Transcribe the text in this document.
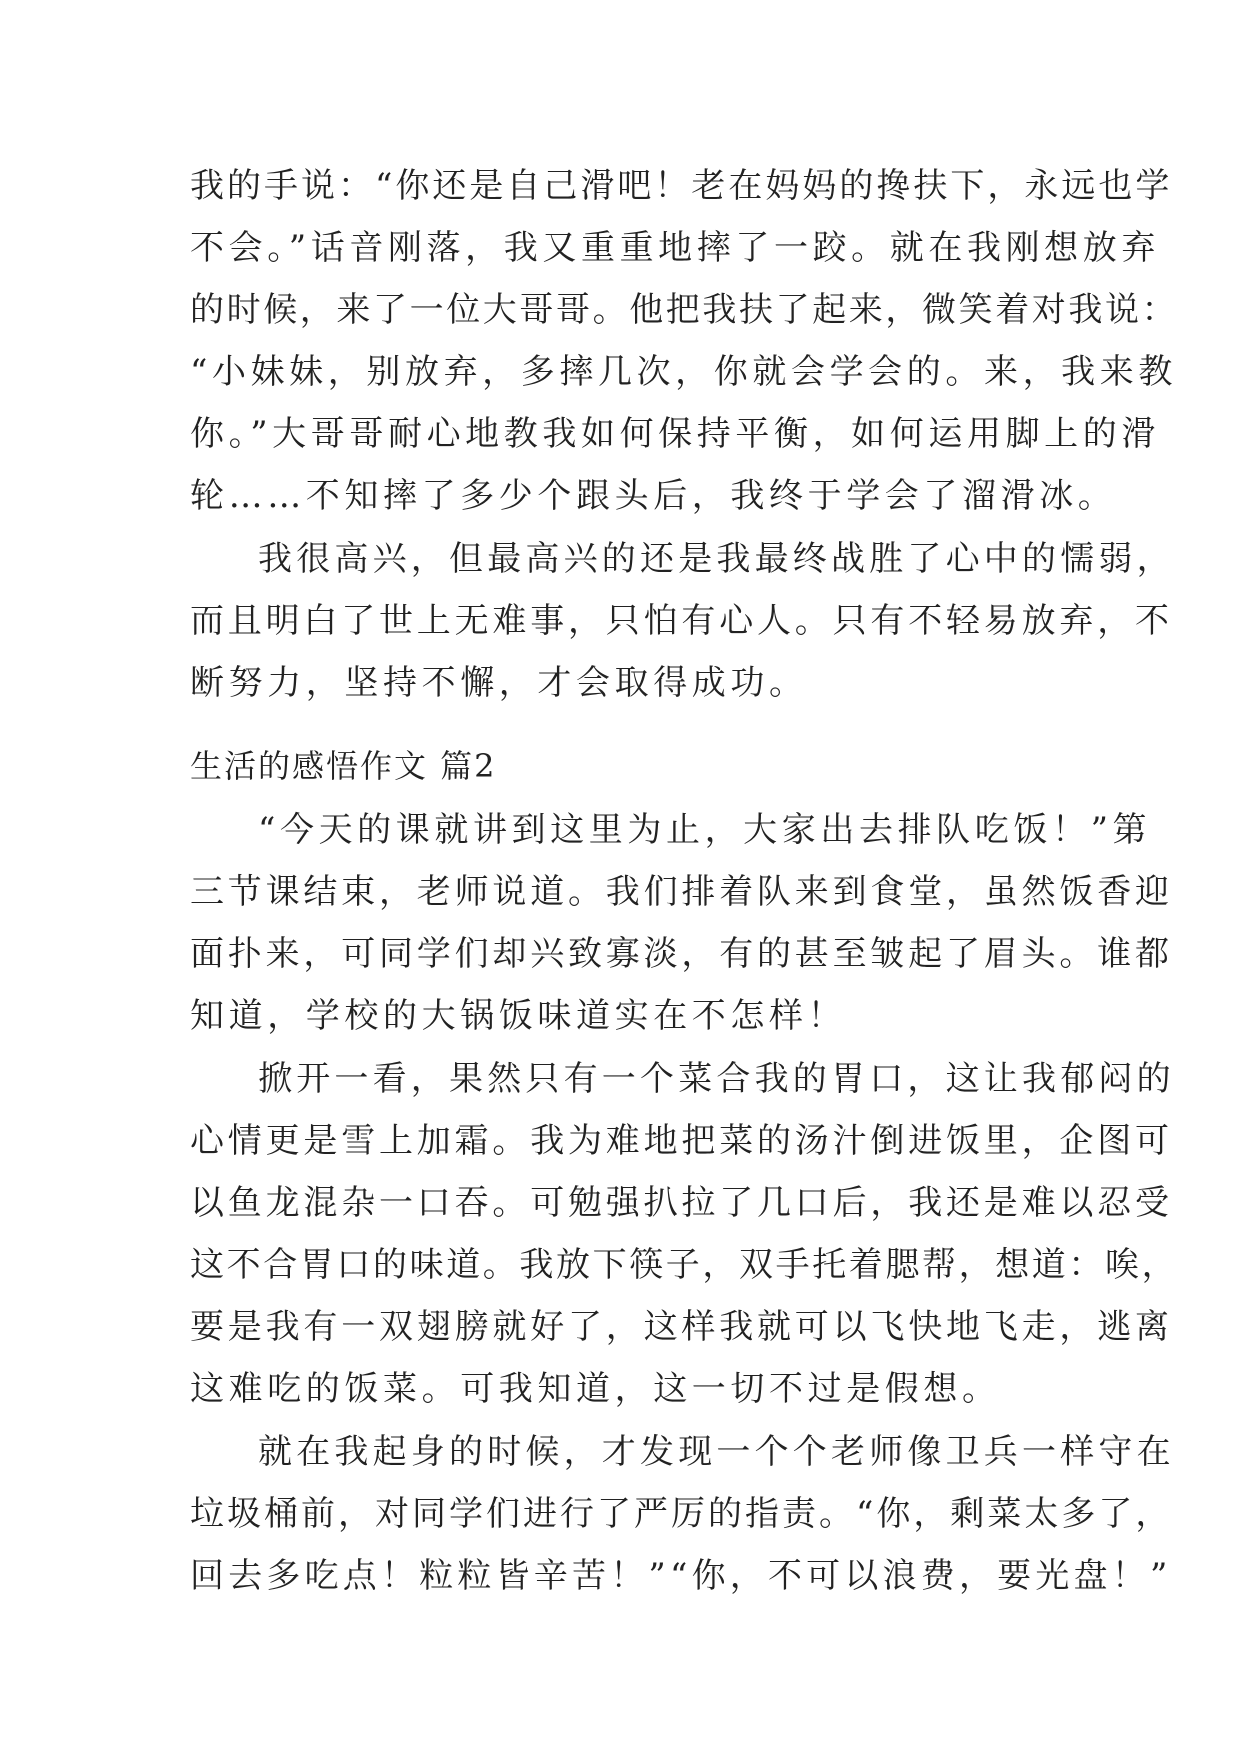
我的手说：“你还是自己滑吧！老在妈妈的搀扶下，永远也学

不会。”话音刚落，我又重重地摔了一跤。就在我刚想放弃

的时候，来了一位大哥哥。他把我扶了起来，微笑着对我说：

“小妹妹，别放弃，多摔几次，你就会学会的。来，我来教

你。”大哥哥耐心地教我如何保持平衡，如何运用脚上的滑

轮……不知摔了多少个跟头后，我终于学会了溜滑冰。

我很高兴，但最高兴的还是我最终战胜了心中的懦弱，

而且明白了世上无难事，只怕有心人。只有不轻易放弃，不

断努力，坚持不懈，才会取得成功。

生活的感悟作文 篇2

“今天的课就讲到这里为止，大家出去排队吃饭！”第

三节课结束，老师说道。我们排着队来到食堂，虽然饭香迎

面扑来，可同学们却兴致寡淡，有的甚至皱起了眉头。谁都

知道，学校的大锅饭味道实在不怎样！

掀开一看，果然只有一个菜合我的胃口，这让我郁闷的

心情更是雪上加霜。我为难地把菜的汤汁倒进饭里，企图可

以鱼龙混杂一口吞。可勉强扒拉了几口后，我还是难以忍受

这不合胃口的味道。我放下筷子，双手托着腮帮，想道：唉，

要是我有一双翅膀就好了，这样我就可以飞快地飞走，逃离

这难吃的饭菜。可我知道，这一切不过是假想。

就在我起身的时候，才发现一个个老师像卫兵一样守在

垃圾桶前，对同学们进行了严厉的指责。“你，剩菜太多了，

回去多吃点！粒粒皆辛苦！”“你，不可以浪费，要光盘！”
